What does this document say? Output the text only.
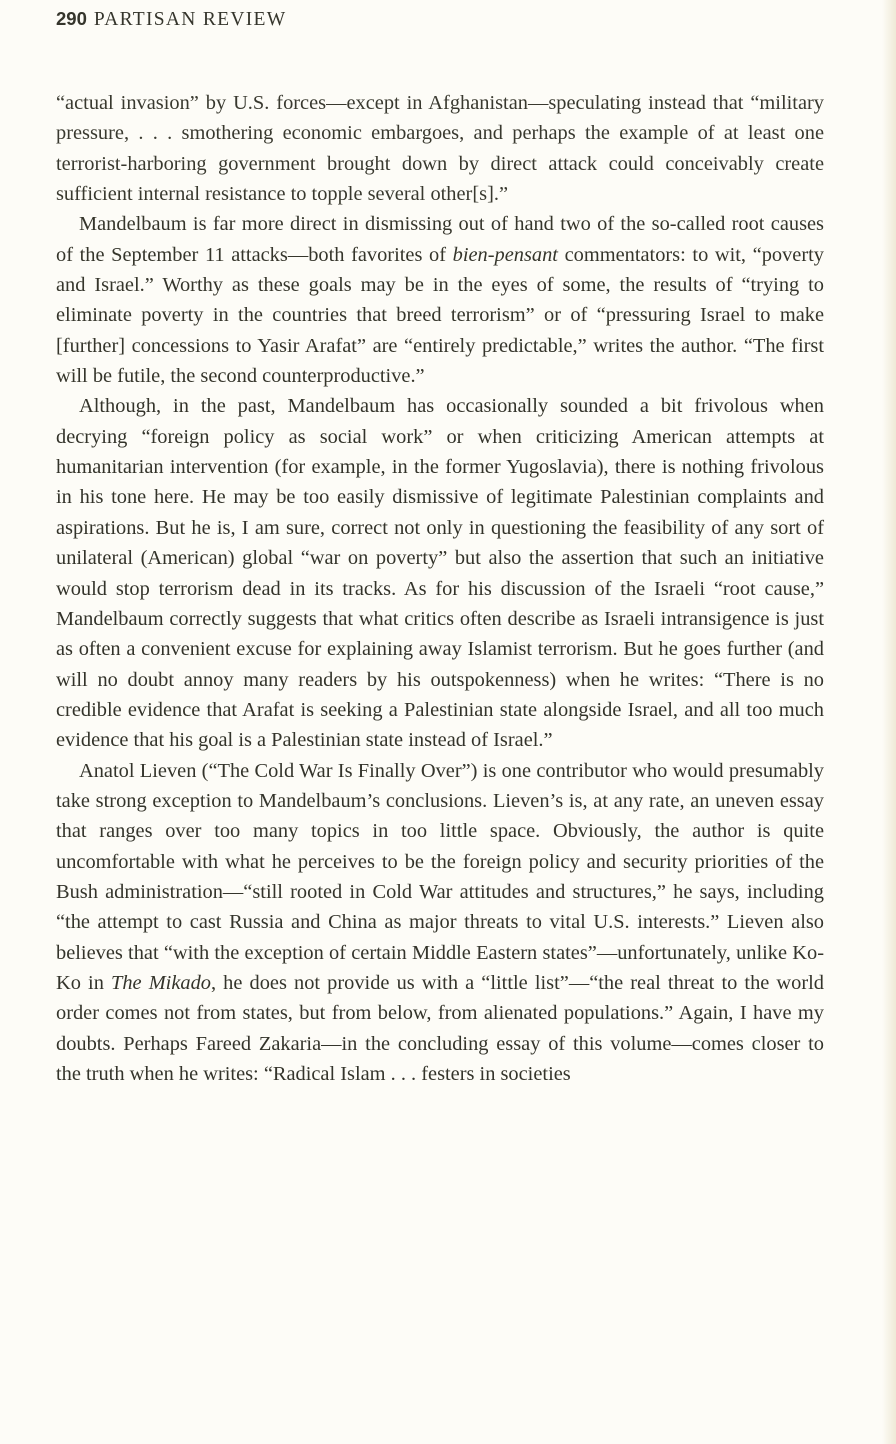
290 PARTISAN REVIEW

“actual invasion” by U.S. forces—except in Afghanistan—speculating instead that “military pressure, . . . smothering economic embargoes, and perhaps the example of at least one terrorist-harboring government brought down by direct attack could conceivably create sufficient internal resistance to topple several other[s].”

Mandelbaum is far more direct in dismissing out of hand two of the so-called root causes of the September 11 attacks—both favorites of bien-pensant commentators: to wit, “poverty and Israel.” Worthy as these goals may be in the eyes of some, the results of “trying to eliminate poverty in the countries that breed terrorism” or of “pressuring Israel to make [further] concessions to Yasir Arafat” are “entirely predictable,” writes the author. “The first will be futile, the second counterproductive.”

Although, in the past, Mandelbaum has occasionally sounded a bit frivolous when decrying “foreign policy as social work” or when criticizing American attempts at humanitarian intervention (for example, in the former Yugoslavia), there is nothing frivolous in his tone here. He may be too easily dismissive of legitimate Palestinian complaints and aspirations. But he is, I am sure, correct not only in questioning the feasibility of any sort of unilateral (American) global “war on poverty” but also the assertion that such an initiative would stop terrorism dead in its tracks. As for his discussion of the Israeli “root cause,” Mandelbaum correctly suggests that what critics often describe as Israeli intransigence is just as often a convenient excuse for explaining away Islamist terrorism. But he goes further (and will no doubt annoy many readers by his outspokenness) when he writes: “There is no credible evidence that Arafat is seeking a Palestinian state alongside Israel, and all too much evidence that his goal is a Palestinian state instead of Israel.”

Anatol Lieven (“The Cold War Is Finally Over”) is one contributor who would presumably take strong exception to Mandelbaum’s conclusions. Lieven’s is, at any rate, an uneven essay that ranges over too many topics in too little space. Obviously, the author is quite uncomfortable with what he perceives to be the foreign policy and security priorities of the Bush administration—“still rooted in Cold War attitudes and structures,” he says, including “the attempt to cast Russia and China as major threats to vital U.S. interests.” Lieven also believes that “with the exception of certain Middle Eastern states”—unfortunately, unlike Ko-Ko in The Mikado, he does not provide us with a “little list”—“the real threat to the world order comes not from states, but from below, from alienated populations.” Again, I have my doubts. Perhaps Fareed Zakaria—in the concluding essay of this volume—comes closer to the truth when he writes: “Radical Islam . . . festers in societies
